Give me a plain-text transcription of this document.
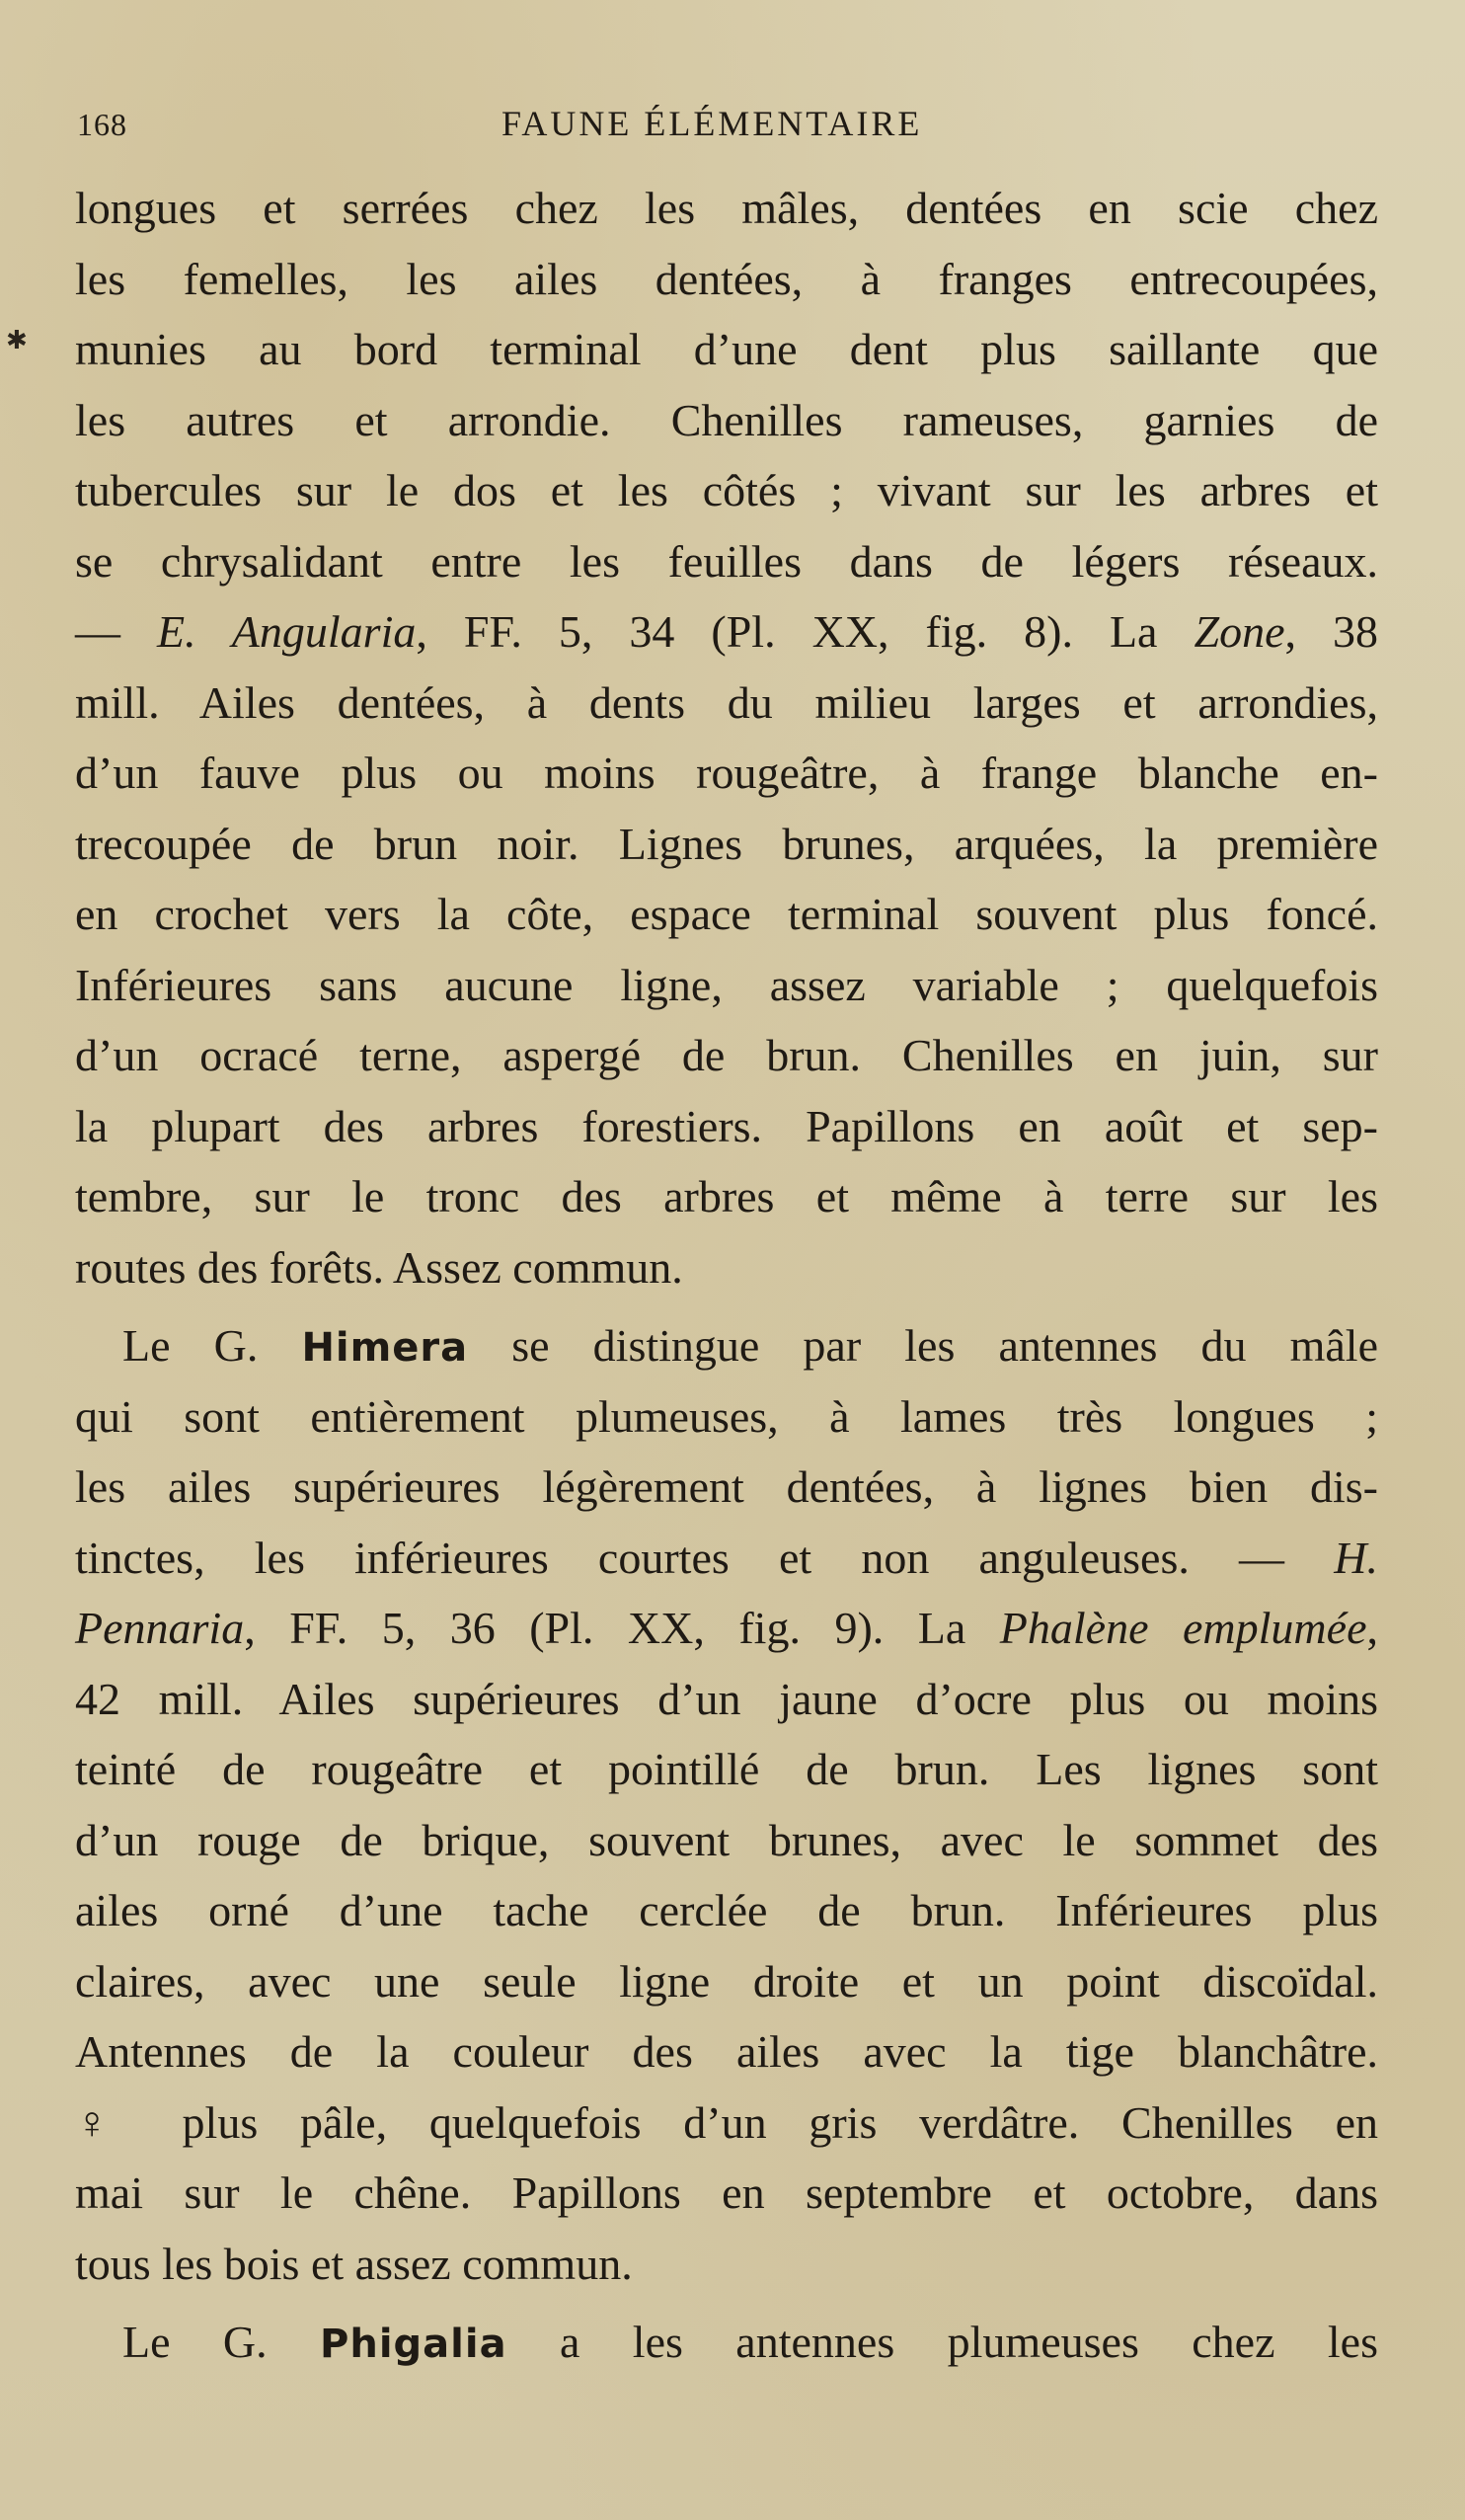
168	FAUNE ÉLÉMENTAIRE
✱
longues et serrées chez les mâles, dentées en scie chez
les femelles, les ailes dentées, à franges entrecoupées,
munies au bord terminal d’une dent plus saillante que
les autres et arrondie. Chenilles rameuses, garnies de
tubercules sur le dos et les côtés ; vivant sur les arbres et
se chrysalidant entre les feuilles dans de légers réseaux.
— E. Angularia, FF. 5, 34 (Pl. XX, fig. 8). La Zone, 38
mill. Ailes dentées, à dents du milieu larges et arrondies,
d’un fauve plus ou moins rougeâtre, à frange blanche en-
trecoupée de brun noir. Lignes brunes, arquées, la première
en crochet vers la côte, espace terminal souvent plus foncé.
Inférieures sans aucune ligne, assez variable ; quelquefois
d’un ocracé terne, aspergé de brun. Chenilles en juin, sur
la plupart des arbres forestiers. Papillons en août et sep-
tembre, sur le tronc des arbres et même à terre sur les
routes des forêts. Assez commun.
Le G. Himera se distingue par les antennes du mâle
qui sont entièrement plumeuses, à lames très longues ;
les ailes supérieures légèrement dentées, à lignes bien dis-
tinctes, les inférieures courtes et non anguleuses. — H.
Pennaria, FF. 5, 36 (Pl. XX, fig. 9). La Phalène emplumée,
42 mill. Ailes supérieures d’un jaune d’ocre plus ou moins
teinté de rougeâtre et pointillé de brun. Les lignes sont
d’un rouge de brique, souvent brunes, avec le sommet des
ailes orné d’une tache cerclée de brun. Inférieures plus
claires, avec une seule ligne droite et un point discoïdal.
Antennes de la couleur des ailes avec la tige blanchâtre.
♀ plus pâle, quelquefois d’un gris verdâtre. Chenilles en
mai sur le chêne. Papillons en septembre et octobre, dans
tous les bois et assez commun.
Le G. Phigalia a les antennes plumeuses chez les
